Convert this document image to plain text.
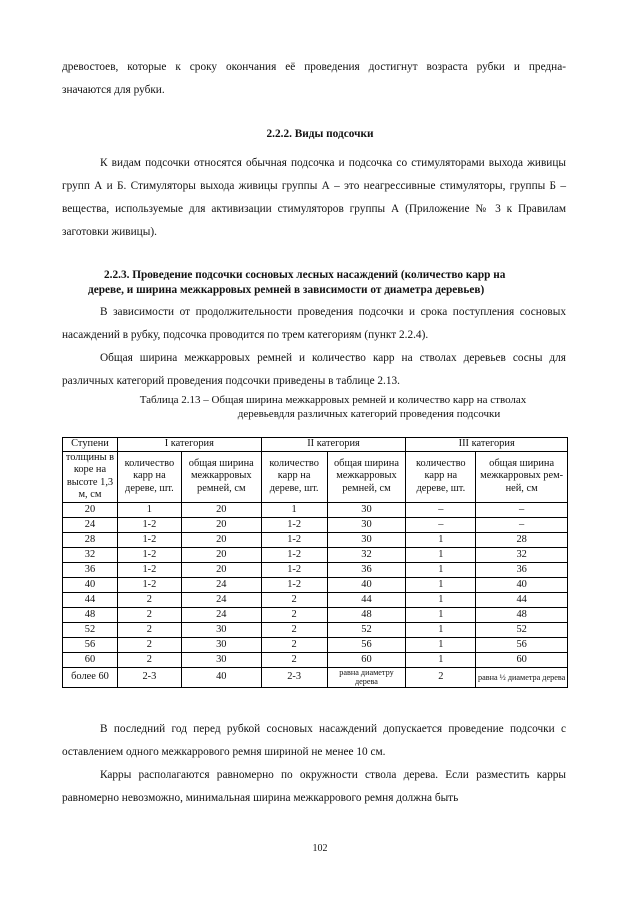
древостоев, которые к сроку окончания её проведения достигнут возраста рубки и предна-
значаются для рубки.

2.2.2. Виды подсочки

К видам подсочки относятся обычная подсочка и подсочка со стимуляторами выхода живицы групп А и Б. Стимуляторы выхода живицы группы А – это неагрессивные стимуляторы, группы Б – вещества, используемые для активизации стимуляторов группы А (Приложение № 3 к Правилам заготовки живицы).

2.2.3. Проведение подсочки сосновых лесных насаждений (количество карр на
дереве, и ширина межкарровых ремней в зависимости от диаметра деревьев)

В зависимости от продолжительности проведения подсочки и срока поступления сосновых насаждений в рубку, подсочка проводится по трем категориям (пункт 2.2.4).

Общая ширина межкарровых ремней и количество карр на стволах деревьев сосны для различных категорий проведения подсочки приведены в таблице 2.13.

Таблица 2.13 – Общая ширина межкарровых ремней и количество карр на стволах
деревьевдля различных категорий проведения подсочки
Ступени	I категория		II категория		III категория	
толщины в коре на высоте 1,3 м, см	количество карр на дереве, шт.	общая ширина межкарровых ремней, см	количество карр на дереве, шт.	общая ширина межкарровых ремней, см	количество карр на дереве, шт.	общая ширина межкарровых ремней, см
20	1	20	1	30	–	–
24	1-2	20	1-2	30	–	–
28	1-2	20	1-2	30	1	28
32	1-2	20	1-2	32	1	32
36	1-2	20	1-2	36	1	36
40	1-2	24	1-2	40	1	40
44	2	24	2	44	1	44
48	2	24	2	48	1	48
52	2	30	2	52	1	52
56	2	30	2	56	1	56
60	2	30	2	60	1	60
более 60	2-3	40	2-3	равна диаметру дерева	2	равна ½ диаметра дерева

В последний год перед рубкой сосновых насаждений допускается проведение подсочки с оставлением одного межкаррового ремня шириной не менее 10 см.

Карры располагаются равномерно по окружности ствола дерева. Если разместить карры равномерно невозможно, минимальная ширина межкаррового ремня должна быть

102
